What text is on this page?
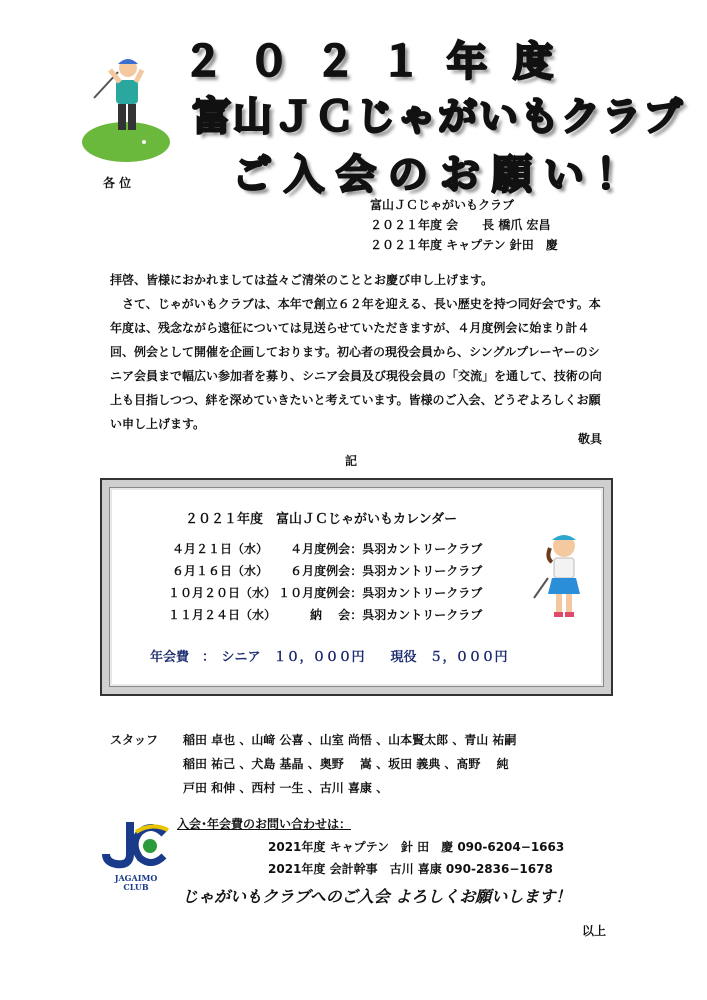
２０２１年度
富山ＪＣじゃがいもクラブ
ご入会のお願い！
各 位
富山ＪＣじゃがいもクラブ
２０２１年度 会　　長 橋爪 宏昌
２０２１年度 キャプテン 針田　慶

拝啓、皆様におかれましては益々ご清栄のこととお慶び申し上げます。

さて、じゃがいもクラブは、本年で創立６２年を迎える、長い歴史を持つ同好会です。本年度は、残念ながら遠征については見送らせていただきますが、４月度例会に始まり計４回、例会として開催を企画しております。初心者の現役会員から、シングルプレーヤーのシニア会員まで幅広い参加者を募り、シニア会員及び現役会員の「交流」を通して、技術の向上も目指しつつ、絆を深めていきたいと考えています。皆様のご入会、どうぞよろしくお願い申し上げます。

敬具
記
２０２１年度　富山ＪＣじゃがいもカレンダー
４月２１日（水） ４月度例会：呉羽カントリークラブ
６月１６日（水） ６月度例会：呉羽カントリークラブ
１０月２０日（水） １０月度例会：呉羽カントリークラブ
１１月２４日（水）	納　 会：呉羽カントリークラブ
年会費　：　シニア　１０，０００円　　現役　５，０００円
スタッフ 稲田 卓也 、山﨑 公喜 、山室 尚悟 、山本賢太郎 、青山 祐嗣
稲田 祐己 、犬島 基晶 、奥野　 嵩 、坂田 義典 、髙野　 純
戸田 和伸 、西村 一生 、古川 喜康 、
JAGAIMO
CLUB
入会･年会費のお問い合わせは：
2021年度 キャプテン　針 田　慶 090-6204−1663
2021年度 会計幹事　古川 喜康 090-2836−1678
じゃがいもクラブへのご入会 よろしくお願いします！
以上
